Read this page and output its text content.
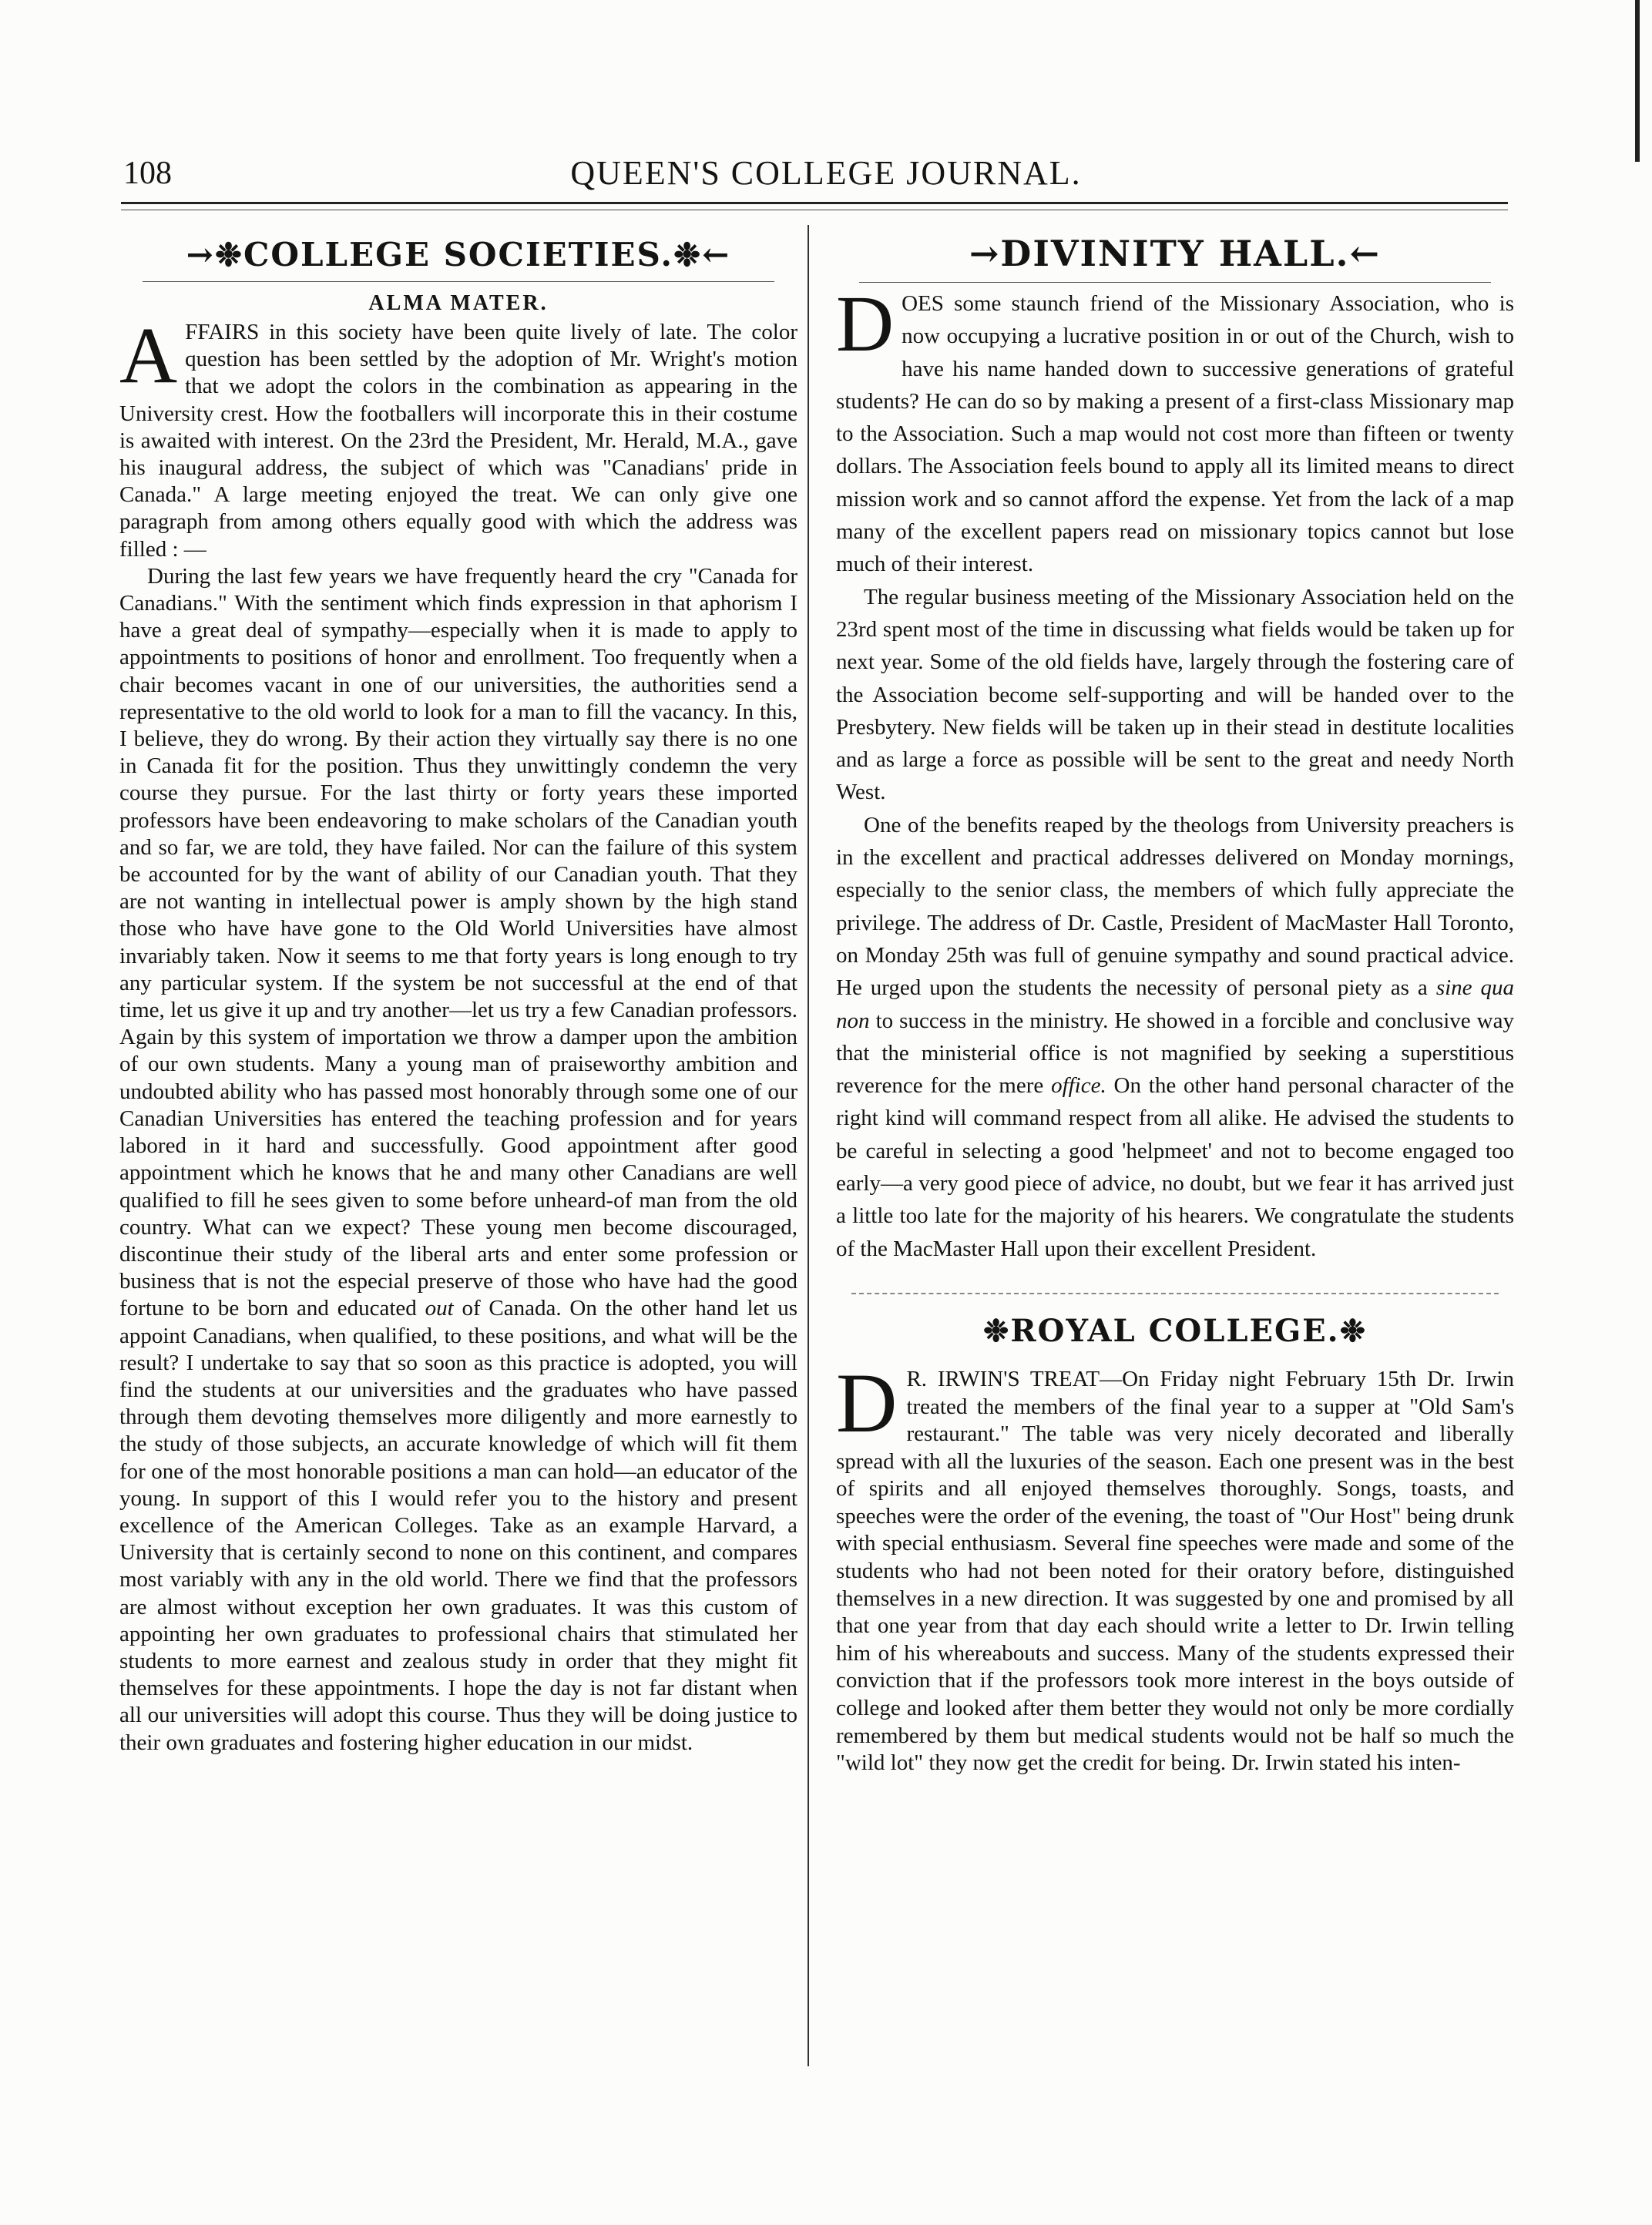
108	QUEEN'S COLLEGE JOURNAL.
→❉COLLEGE SOCIETIES.❉←
ALMA MATER.

AFFAIRS in this society have been quite lively of late. The color question has been settled by the adoption of Mr. Wright's motion that we adopt the colors in the combination as appearing in the University crest. How the footballers will incorporate this in their costume is awaited with interest. On the 23rd the President, Mr. Herald, M.A., gave his inaugural address, the subject of which was "Canadians' pride in Canada." A large meeting enjoyed the treat. We can only give one paragraph from among others equally good with which the address was filled : —

During the last few years we have frequently heard the cry "Canada for Canadians." With the sentiment which finds expression in that aphorism I have a great deal of sympathy—especially when it is made to apply to appointments to positions of honor and enrollment. Too frequently when a chair becomes vacant in one of our universities, the authorities send a representative to the old world to look for a man to fill the vacancy. In this, I believe, they do wrong. By their action they virtually say there is no one in Canada fit for the position. Thus they unwittingly condemn the very course they pursue. For the last thirty or forty years these imported professors have been endeavoring to make scholars of the Canadian youth and so far, we are told, they have failed. Nor can the failure of this system be accounted for by the want of ability of our Canadian youth. That they are not wanting in intellectual power is amply shown by the high stand those who have have gone to the Old World Universities have almost invariably taken. Now it seems to me that forty years is long enough to try any particular system. If the system be not successful at the end of that time, let us give it up and try another—let us try a few Canadian professors. Again by this system of importation we throw a damper upon the ambition of our own students. Many a young man of praiseworthy ambition and undoubted ability who has passed most honorably through some one of our Canadian Universities has entered the teaching profession and for years labored in it hard and successfully. Good appointment after good appointment which he knows that he and many other Canadians are well qualified to fill he sees given to some before unheard-of man from the old country. What can we expect? These young men become discouraged, discontinue their study of the liberal arts and enter some profession or business that is not the especial preserve of those who have had the good fortune to be born and educated out of Canada. On the other hand let us appoint Canadians, when qualified, to these positions, and what will be the result? I undertake to say that so soon as this practice is adopted, you will find the students at our universities and the graduates who have passed through them devoting themselves more diligently and more earnestly to the study of those subjects, an accurate knowledge of which will fit them for one of the most honorable positions a man can hold—an educator of the young. In support of this I would refer you to the history and present excellence of the American Colleges. Take as an example Harvard, a University that is certainly second to none on this continent, and compares most variably with any in the old world. There we find that the professors are almost without exception her own graduates. It was this custom of appointing her own graduates to professional chairs that stimulated her students to more earnest and zealous study in order that they might fit themselves for these appointments. I hope the day is not far distant when all our universities will adopt this course. Thus they will be doing justice to their own graduates and fostering higher education in our midst.

→DIVINITY HALL.←

DOES some staunch friend of the Missionary Association, who is now occupying a lucrative position in or out of the Church, wish to have his name handed down to successive generations of grateful students? He can do so by making a present of a first-class Missionary map to the Association. Such a map would not cost more than fifteen or twenty dollars. The Association feels bound to apply all its limited means to direct mission work and so cannot afford the expense. Yet from the lack of a map many of the excellent papers read on missionary topics cannot but lose much of their interest.

The regular business meeting of the Missionary Association held on the 23rd spent most of the time in discussing what fields would be taken up for next year. Some of the old fields have, largely through the fostering care of the Association become self-supporting and will be handed over to the Presbytery. New fields will be taken up in their stead in destitute localities and as large a force as possible will be sent to the great and needy North West.

One of the benefits reaped by the theologs from University preachers is in the excellent and practical addresses delivered on Monday mornings, especially to the senior class, the members of which fully appreciate the privilege. The address of Dr. Castle, President of MacMaster Hall Toronto, on Monday 25th was full of genuine sympathy and sound practical advice. He urged upon the students the necessity of personal piety as a sine qua non to success in the ministry. He showed in a forcible and conclusive way that the ministerial office is not magnified by seeking a superstitious reverence for the mere office. On the other hand personal character of the right kind will command respect from all alike. He advised the students to be careful in selecting a good 'helpmeet' and not to become engaged too early—a very good piece of advice, no doubt, but we fear it has arrived just a little too late for the majority of his hearers. We congratulate the students of the MacMaster Hall upon their excellent President.

❉ROYAL COLLEGE.❉

D R. IRWIN'S TREAT—On Friday night February 15th Dr. Irwin treated the members of the final year to a supper at "Old Sam's restaurant." The table was very nicely decorated and liberally spread with all the luxuries of the season. Each one present was in the best of spirits and all enjoyed themselves thoroughly. Songs, toasts, and speeches were the order of the evening, the toast of "Our Host" being drunk with special enthusiasm. Several fine speeches were made and some of the students who had not been noted for their oratory before, distinguished themselves in a new direction. It was suggested by one and promised by all that one year from that day each should write a letter to Dr. Irwin telling him of his whereabouts and success. Many of the students expressed their conviction that if the professors took more interest in the boys outside of college and looked after them better they would not only be more cordially remembered by them but medical students would not be half so much the "wild lot" they now get the credit for being. Dr. Irwin stated his inten-
